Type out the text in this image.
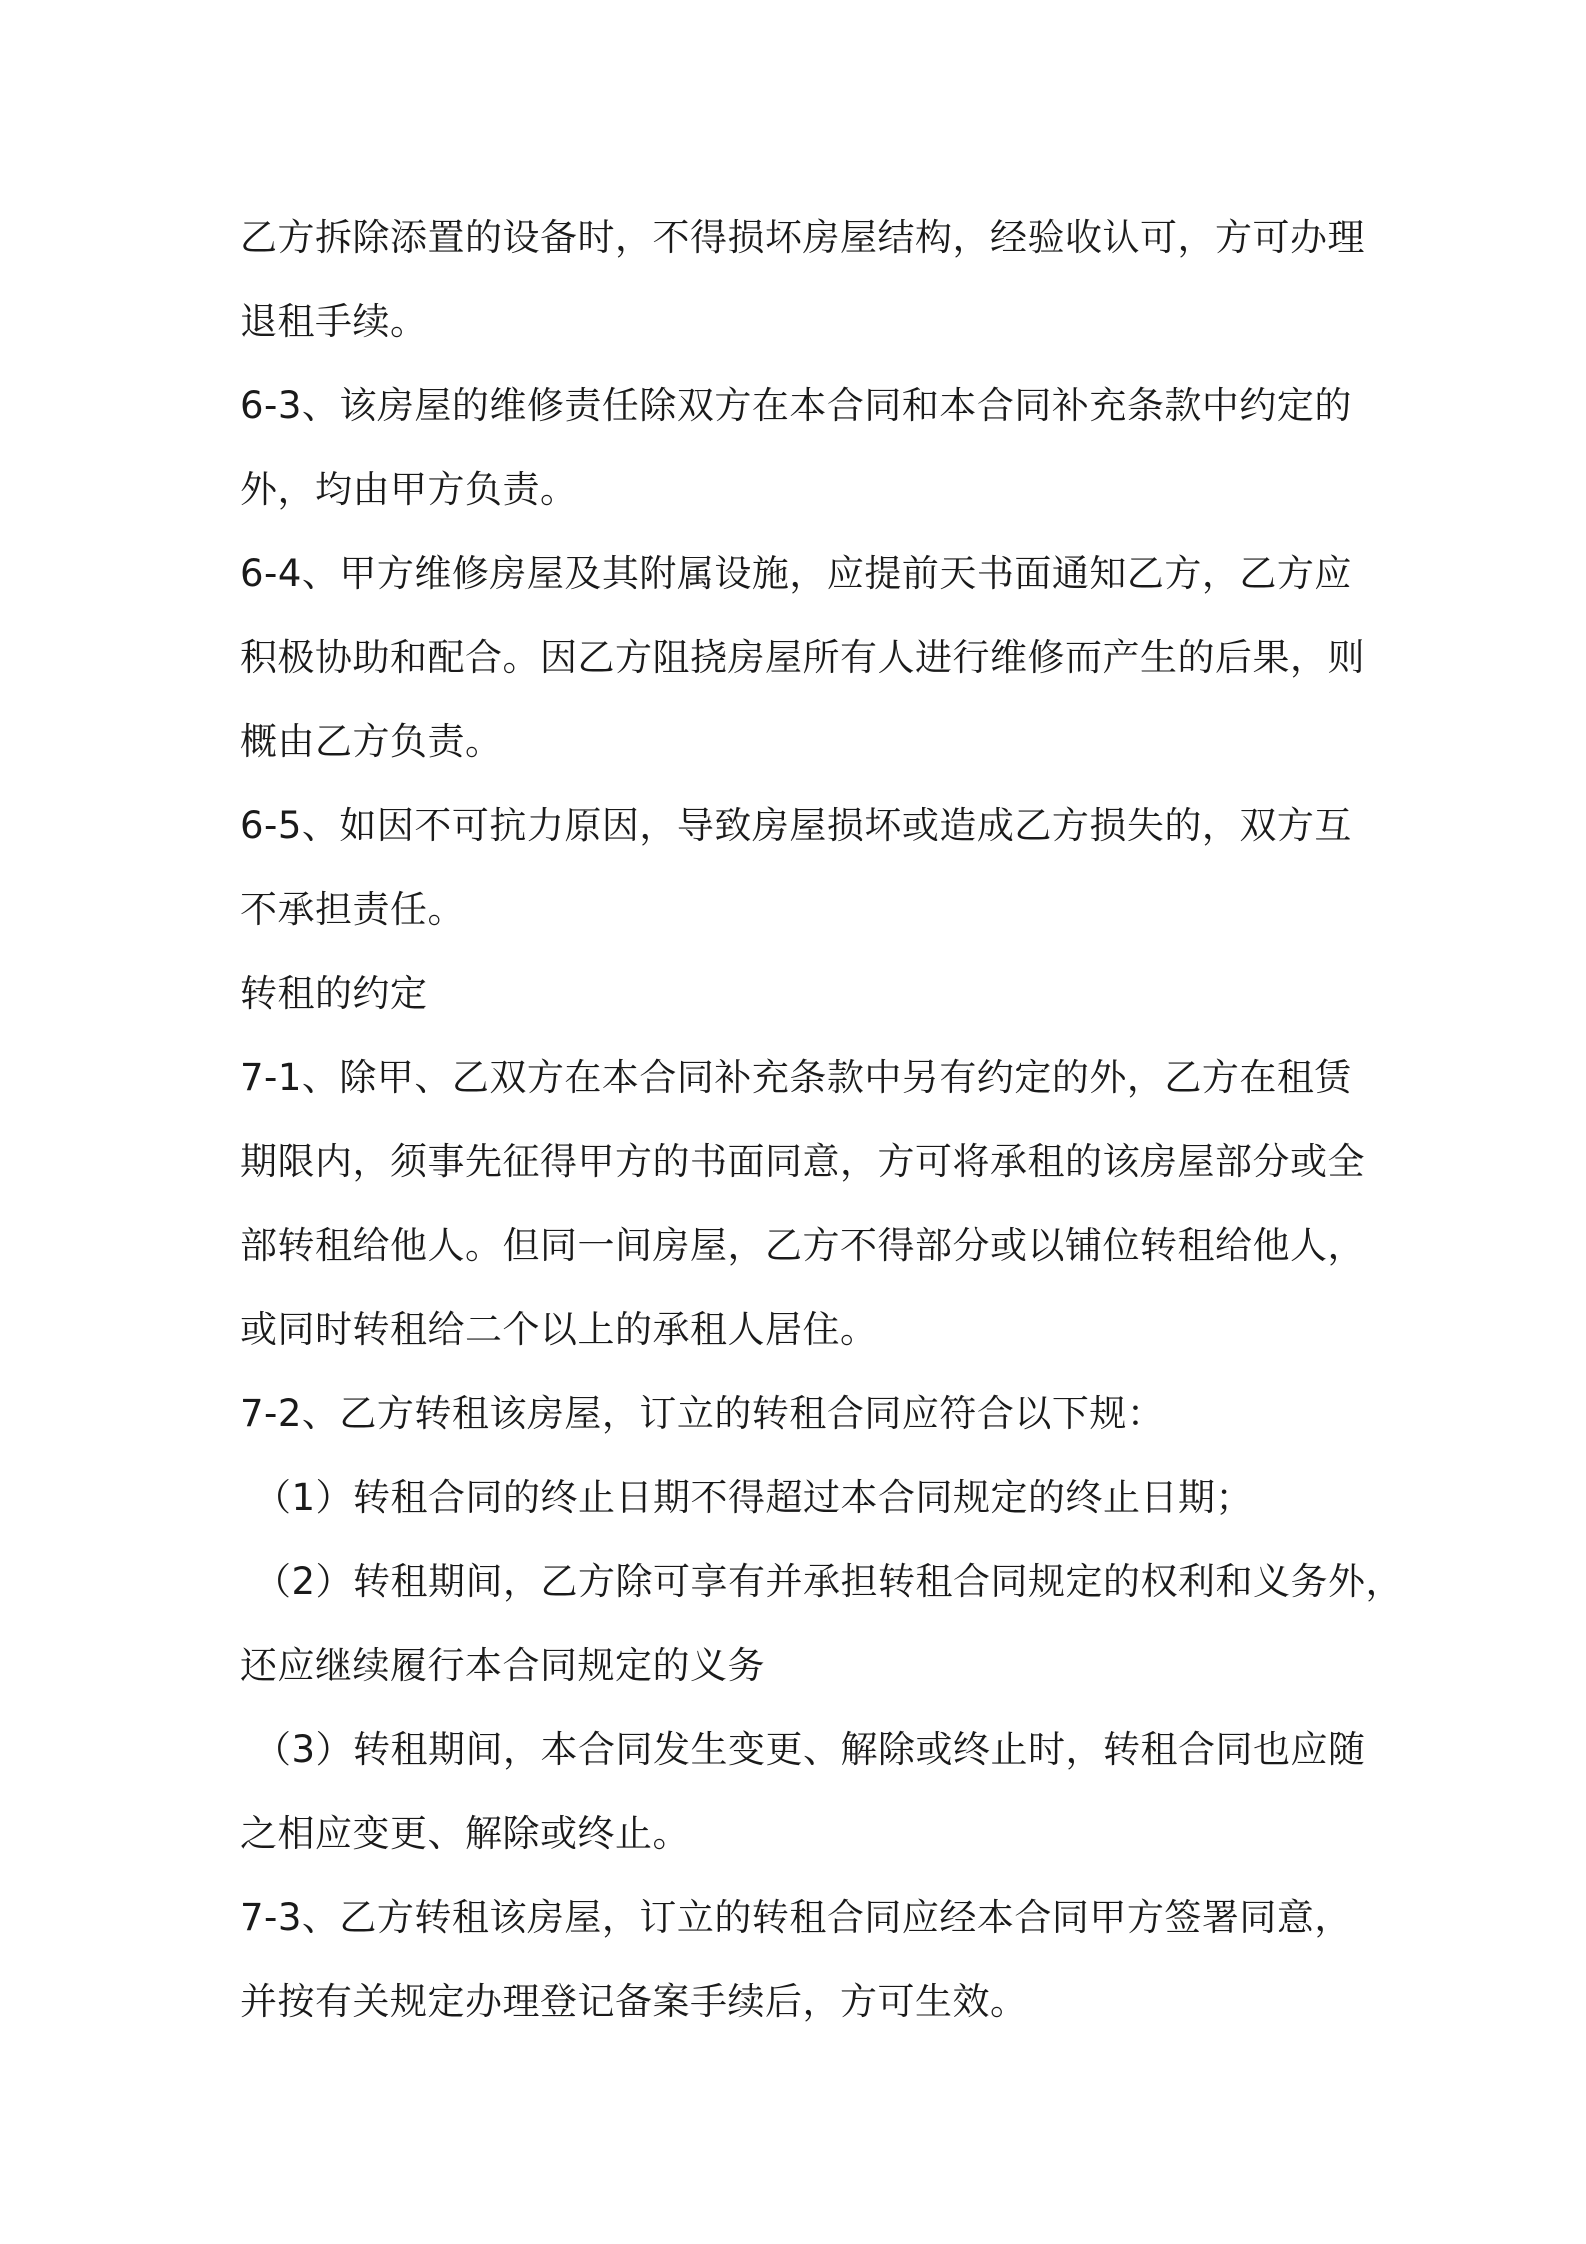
乙方拆除添置的设备时，不得损坏房屋结构，经验收认可，方可办理
退租手续。
6-3、该房屋的维修责任除双方在本合同和本合同补充条款中约定的
外，均由甲方负责。
6-4、甲方维修房屋及其附属设施，应提前天书面通知乙方，乙方应
积极协助和配合。因乙方阻挠房屋所有人进行维修而产生的后果，则
概由乙方负责。
6-5、如因不可抗力原因，导致房屋损坏或造成乙方损失的，双方互
不承担责任。
转租的约定
7-1、除甲、乙双方在本合同补充条款中另有约定的外，乙方在租赁
期限内，须事先征得甲方的书面同意，方可将承租的该房屋部分或全
部转租给他人。但同一间房屋，乙方不得部分或以铺位转租给他人，
或同时转租给二个以上的承租人居住。
7-2、乙方转租该房屋，订立的转租合同应符合以下规：
（1）转租合同的终止日期不得超过本合同规定的终止日期；
（2）转租期间，乙方除可享有并承担转租合同规定的权利和义务外，
还应继续履行本合同规定的义务
（3）转租期间，本合同发生变更、解除或终止时，转租合同也应随
之相应变更、解除或终止。
7-3、乙方转租该房屋，订立的转租合同应经本合同甲方签署同意，
并按有关规定办理登记备案手续后，方可生效。
